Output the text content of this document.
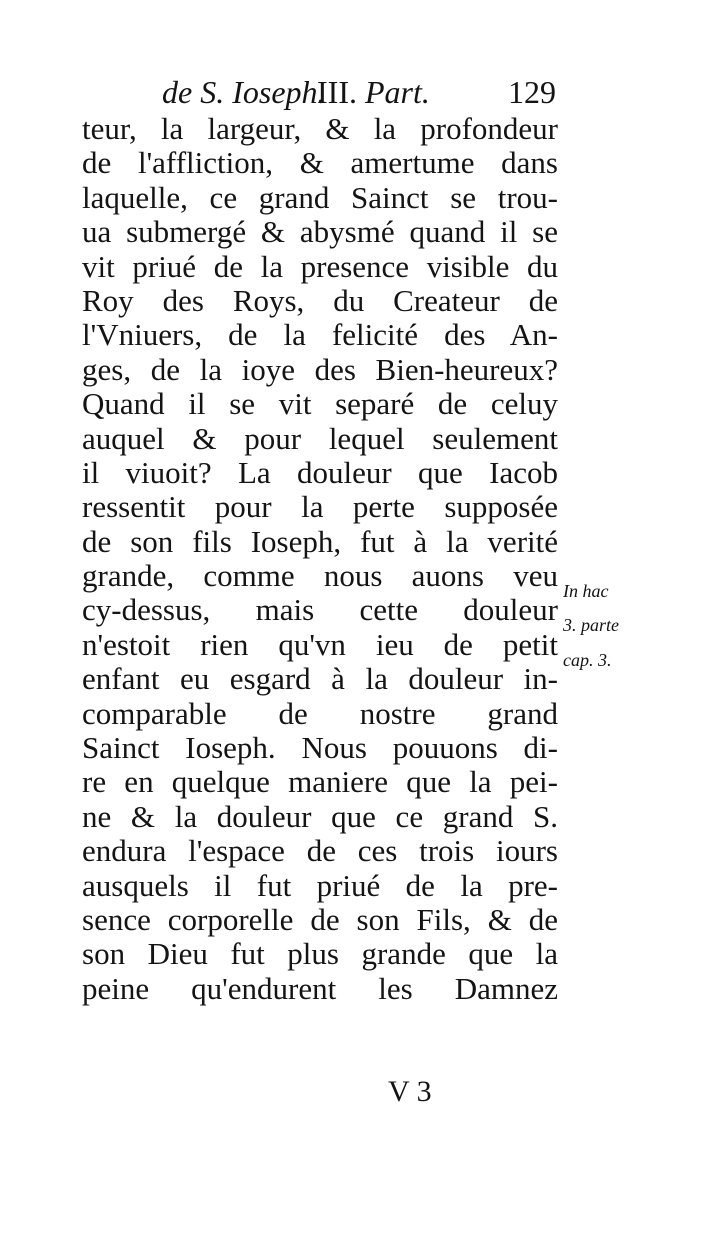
de S. Ioseph.
III. Part. 129
teur, la largeur, & la profondeur
de l'affliction, & amertume dans
laquelle, ce grand Sainct se trou-
ua submergé & abysmé quand il se
vit priué de la presence visible du
Roy des Roys, du Createur de
l'Vniuers, de la felicité des An-
ges, de la ioye des Bien-heureux?
Quand il se vit separé de celuy
auquel & pour lequel seulement
il viuoit? La douleur que Iacob
ressentit pour la perte supposée
de son fils Ioseph, fut à la verité
grande, comme nous auons veu
cy-dessus, mais cette douleur
n'estoit rien qu'vn ieu de petit
enfant eu esgard à la douleur in-
comparable de nostre grand
Sainct Ioseph. Nous pouuons di-
re en quelque maniere que la pei-
ne & la douleur que ce grand S.
endura l'espace de ces trois iours
ausquels il fut priué de la pre-
sence corporelle de son Fils, & de
son Dieu fut plus grande que la
peine qu'endurent les Damnez
In hac
3. parte
cap. 3.
V 3
